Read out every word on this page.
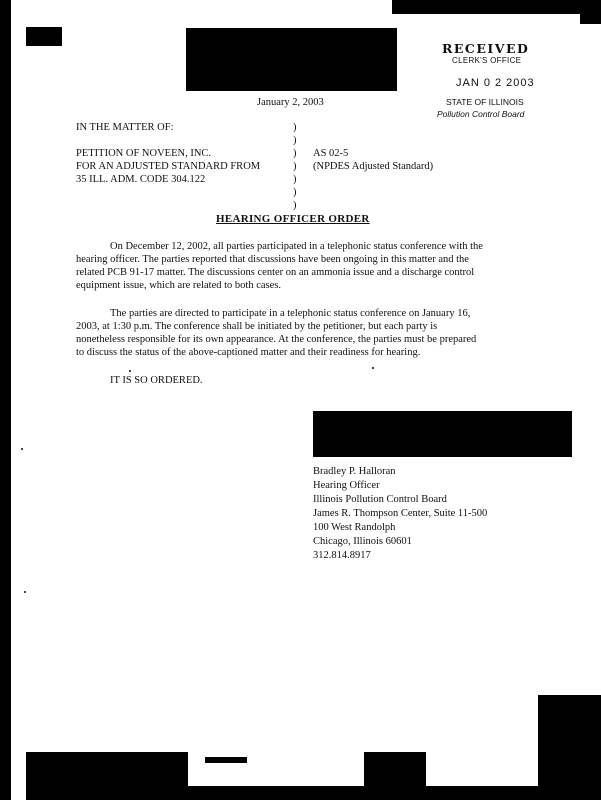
RECEIVED
CLERK'S OFFICE
JAN 0 2 2003
STATE OF ILLINOIS
Pollution Control Board
January 2, 2003
IN THE MATTER OF:
PETITION OF NOVEEN, INC.
FOR AN ADJUSTED STANDARD FROM
35 ILL. ADM. CODE 304.122
)
)
)
)
)
)
)
AS 02-5
(NPDES Adjusted Standard)
HEARING OFFICER ORDER
On December 12, 2002, all parties participated in a telephonic status conference with the
hearing officer. The parties reported that discussions have been ongoing in this matter and the
related PCB 91-17 matter. The discussions center on an ammonia issue and a discharge control
equipment issue, which are related to both cases.
The parties are directed to participate in a telephonic status conference on January 16,
2003, at 1:30 p.m. The conference shall be initiated by the petitioner, but each party is
nonetheless responsible for its own appearance. At the conference, the parties must be prepared
to discuss the status of the above-captioned matter and their readiness for hearing.
IT IS SO ORDERED.
Bradley P. Halloran
Hearing Officer
Illinois Pollution Control Board
James R. Thompson Center, Suite 11-500
100 West Randolph
Chicago, Illinois 60601
312.814.8917
